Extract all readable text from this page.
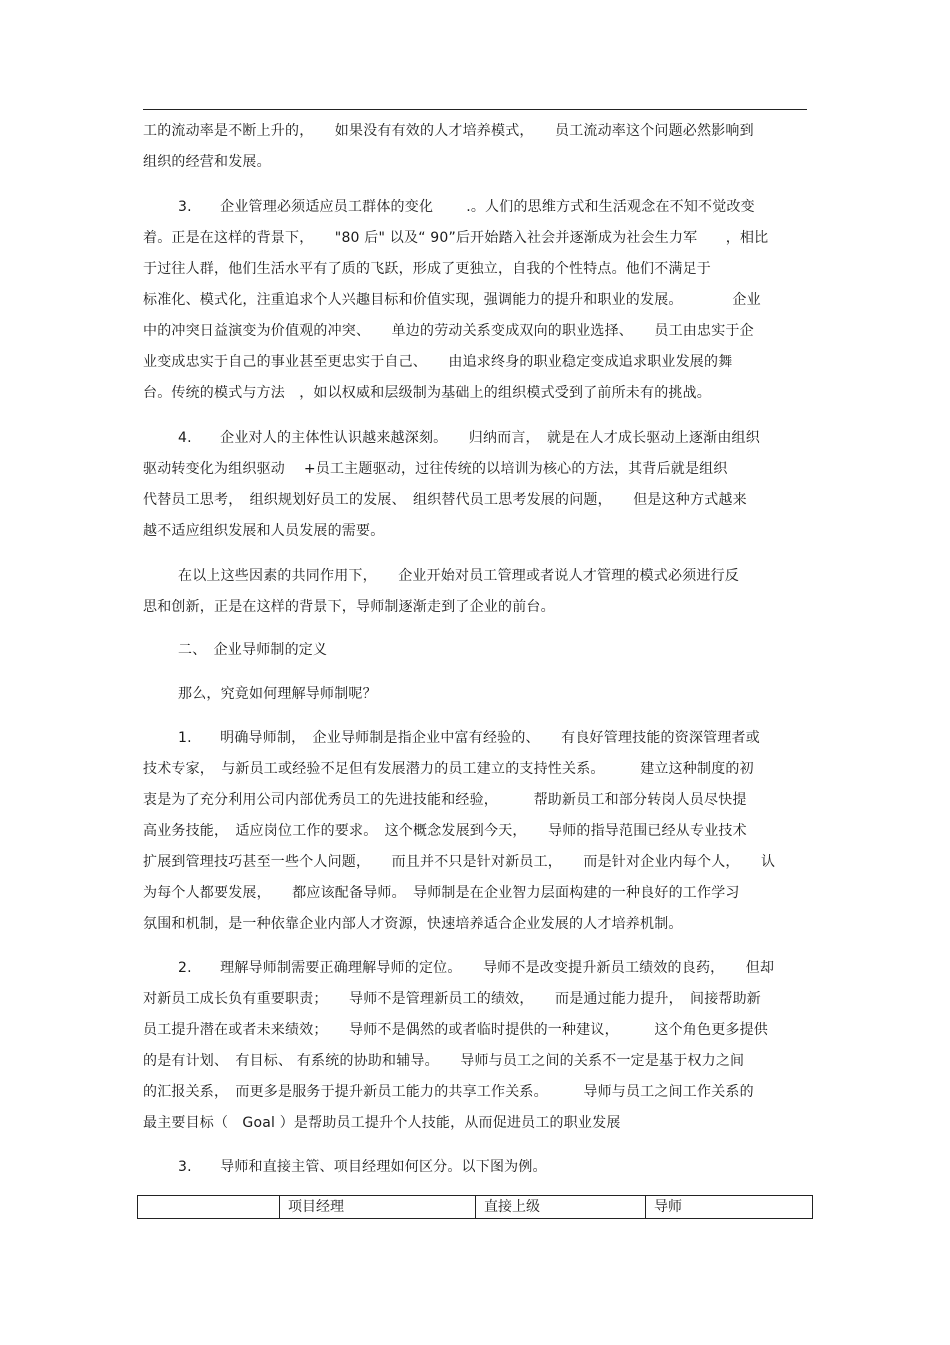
工的流动率是不断上升的，　　如果没有有效的人才培养模式，　　员工流动率这个问题必然影响到
组织的经营和发展。
3.　　企业管理必须适应员工群体的变化　　 .。人们的思维方式和生活观念在不知不觉改变
着。正是在这样的背景下，　　"80 后" 以及“ 90”后开始踏入社会并逐渐成为社会生力军　　，相比
于过往人群，他们生活水平有了质的飞跃，形成了更独立，自我的个性特点。他们不满足于
标准化、模式化，注重追求个人兴趣目标和价值实现，强调能力的提升和职业的发展。　　　　企业
中的冲突日益演变为价值观的冲突、　　单边的劳动关系变成双向的职业选择、　　员工由忠实于企
业变成忠实于自己的事业甚至更忠实于自己、　　由追求终身的职业稳定变成追求职业发展的舞
台。传统的模式与方法　，如以权威和层级制为基础上的组织模式受到了前所未有的挑战。
4.　　企业对人的主体性认识越来越深刻。　　归纳而言，　就是在人才成长驱动上逐渐由组织
驱动转变化为组织驱动　 +员工主题驱动，过往传统的以培训为核心的方法，其背后就是组织
代替员工思考，　组织规划好员工的发展、　组织替代员工思考发展的问题，　　但是这种方式越来
越不适应组织发展和人员发展的需要。
在以上这些因素的共同作用下，　　企业开始对员工管理或者说人才管理的模式必须进行反
思和创新，正是在这样的背景下，导师制逐渐走到了企业的前台。
二、　企业导师制的定义
那么，究竟如何理解导师制呢？
1.　　明确导师制，　企业导师制是指企业中富有经验的、　　有良好管理技能的资深管理者或
技术专家，　与新员工或经验不足但有发展潜力的员工建立的支持性关系。　　　建立这种制度的初
衷是为了充分利用公司内部优秀员工的先进技能和经验，　　　帮助新员工和部分转岗人员尽快提
高业务技能，　适应岗位工作的要求。　这个概念发展到今天，　　导师的指导范围已经从专业技术
扩展到管理技巧甚至一些个人问题，　　而且并不只是针对新员工，　　而是针对企业内每个人，　　认
为每个人都要发展，　　都应该配备导师。　导师制是在企业智力层面构建的一种良好的工作学习
氛围和机制，是一种依靠企业内部人才资源，快速培养适合企业发展的人才培养机制。
2.　　理解导师制需要正确理解导师的定位。　　导师不是改变提升新员工绩效的良药，　　但却
对新员工成长负有重要职责；　　导师不是管理新员工的绩效，　　而是通过能力提升，　间接帮助新
员工提升潜在或者未来绩效；　　导师不是偶然的或者临时提供的一种建议，　　　这个角色更多提供
的是有计划、　有目标、 有系统的协助和辅导。　　导师与员工之间的关系不一定是基于权力之间
的汇报关系，　而更多是服务于提升新员工能力的共享工作关系。　　　导师与员工之间工作关系的
最主要目标（　Goal ）是帮助员工提升个人技能，从而促进员工的职业发展
3.　　导师和直接主管、项目经理如何区分。以下图为例。
项目经理	直接上级	导师
